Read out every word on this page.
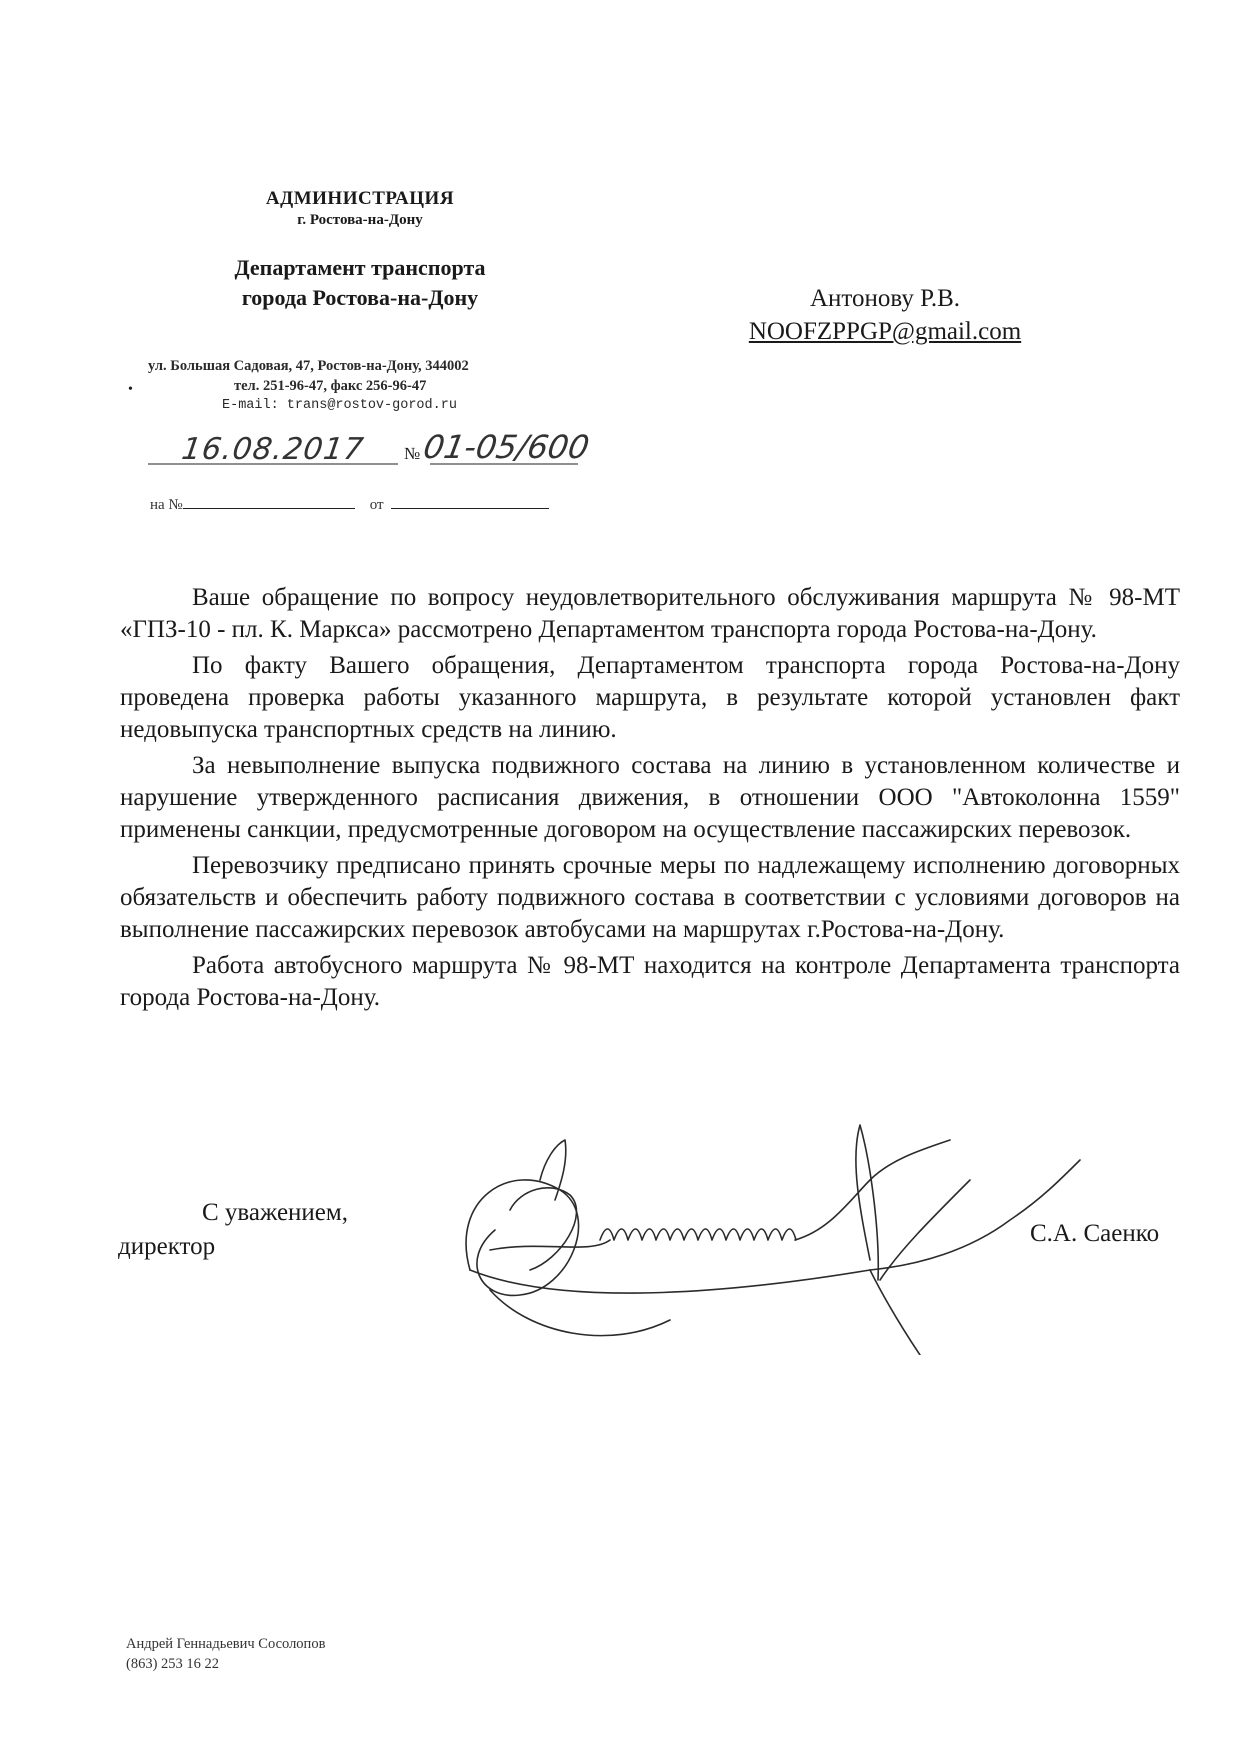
АДМИНИСТРАЦИЯ
г. Ростова-на-Дону
Департамент транспорта
города Ростова-на-Дону
•
ул. Большая Садовая, 47, Ростов-на-Дону, 344002
тел. 251-96-47, факс 256-96-47
E-mail: trans@rostov-gorod.ru
16.08.2017 № 01-05/600
на №	от
Антонову Р.В.
NOOFZPPGP@gmail.com

Ваше обращение по вопросу неудовлетворительного обслуживания маршрута № 98-МТ «ГПЗ-10 - пл. К. Маркса» рассмотрено Департаментом транспорта города Ростова-на-Дону.

По факту Вашего обращения, Департаментом транспорта города Ростова-на-Дону проведена проверка работы указанного маршрута, в результате которой установлен факт недовыпуска транспортных средств на линию.

За невыполнение выпуска подвижного состава на линию в установленном количестве и нарушение утвержденного расписания движения, в отношении ООО "Автоколонна 1559" применены санкции, предусмотренные договором на осуществление пассажирских перевозок.

Перевозчику предписано принять срочные меры по надлежащему исполнению договорных обязательств и обеспечить работу подвижного состава в соответствии с условиями договоров на выполнение пассажирских перевозок автобусами на маршрутах г.Ростова-на-Дону.

Работа автобусного маршрута № 98-МТ находится на контроле Департамента транспорта города Ростова-на-Дону.

С уважением,
директор	С.А. Саенко
Андрей Геннадьевич Сосолопов
(863) 253 16 22
